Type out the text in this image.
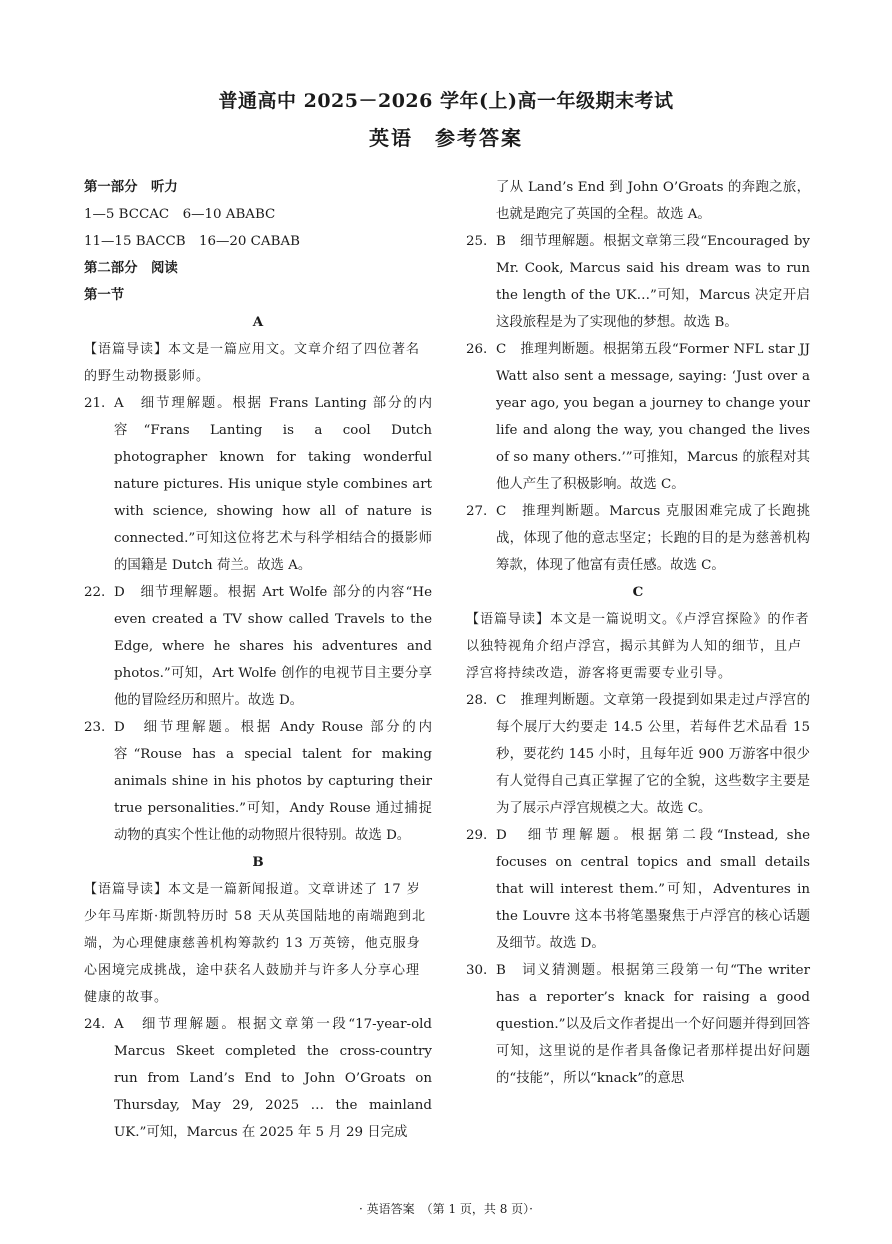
普通高中 2025－2026 学年(上)高一年级期末考试
英语　参考答案

第一部分　听力

1—5 BCCAC　6—10 ABABC

11—15 BACCB　16—20 CABAB

第二部分　阅读

第一节

A

【语篇导读】本文是一篇应用文。文章介绍了四位著名的野生动物摄影师。

21. A　细节理解题。根据 Frans Lanting 部分的内容“Frans Lanting is a cool Dutch photographer known for taking wonderful nature pictures. His unique style combines art with science, showing how all of nature is connected.”可知这位将艺术与科学相结合的摄影师的国籍是 Dutch 荷兰。故选 A。

22. D　细节理解题。根据 Art Wolfe 部分的内容“He even created a TV show called Travels to the Edge, where he shares his adventures and photos.”可知，Art Wolfe 创作的电视节目主要分享他的冒险经历和照片。故选 D。

23. D　细节理解题。根据 Andy Rouse 部分的内容“Rouse has a special talent for making animals shine in his photos by capturing their true personalities.”可知，Andy Rouse 通过捕捉动物的真实个性让他的动物照片很特别。故选 D。

B

【语篇导读】本文是一篇新闻报道。文章讲述了 17 岁少年马库斯·斯凯特历时 58 天从英国陆地的南端跑到北端，为心理健康慈善机构筹款约 13 万英镑，他克服身心困境完成挑战，途中获名人鼓励并与许多人分享心理健康的故事。

24. A　细节理解题。根据文章第一段“17-year-old Marcus Skeet completed the cross-country run from Land’s End to John O’Groats on Thursday, May 29, 2025 … the mainland UK.”可知，Marcus 在 2025 年 5 月 29 日完成

了从 Land’s End 到 John O’Groats 的奔跑之旅，也就是跑完了英国的全程。故选 A。

25. B　细节理解题。根据文章第三段“Encouraged by Mr. Cook, Marcus said his dream was to run the length of the UK…”可知，Marcus 决定开启这段旅程是为了实现他的梦想。故选 B。

26. C　推理判断题。根据第五段“Former NFL star JJ Watt also sent a message, saying: ‘Just over a year ago, you began a journey to change your life and along the way, you changed the lives of so many others.’”可推知，Marcus 的旅程对其他人产生了积极影响。故选 C。

27. C　推理判断题。Marcus 克服困难完成了长跑挑战，体现了他的意志坚定；长跑的目的是为慈善机构筹款，体现了他富有责任感。故选 C。

C

【语篇导读】本文是一篇说明文。《卢浮宫探险》的作者以独特视角介绍卢浮宫，揭示其鲜为人知的细节，且卢浮宫将持续改造，游客将更需要专业引导。

28. C　推理判断题。文章第一段提到如果走过卢浮宫的每个展厅大约要走 14.5 公里，若每件艺术品看 15 秒，要花约 145 小时，且每年近 900 万游客中很少有人觉得自己真正掌握了它的全貌，这些数字主要是为了展示卢浮宫规模之大。故选 C。

29. D　细节理解题。根据第二段“Instead, she focuses on central topics and small details that will interest them.”可知，Adventures in the Louvre 这本书将笔墨聚焦于卢浮宫的核心话题及细节。故选 D。

30. B　词义猜测题。根据第三段第一句“The writer has a reporter’s knack for raising a good question.”以及后文作者提出一个好问题并得到回答可知，这里说的是作者具备像记者那样提出好问题的“技能”，所以“knack”的意思

· 英语答案　（第 1 页，共 8 页）·
